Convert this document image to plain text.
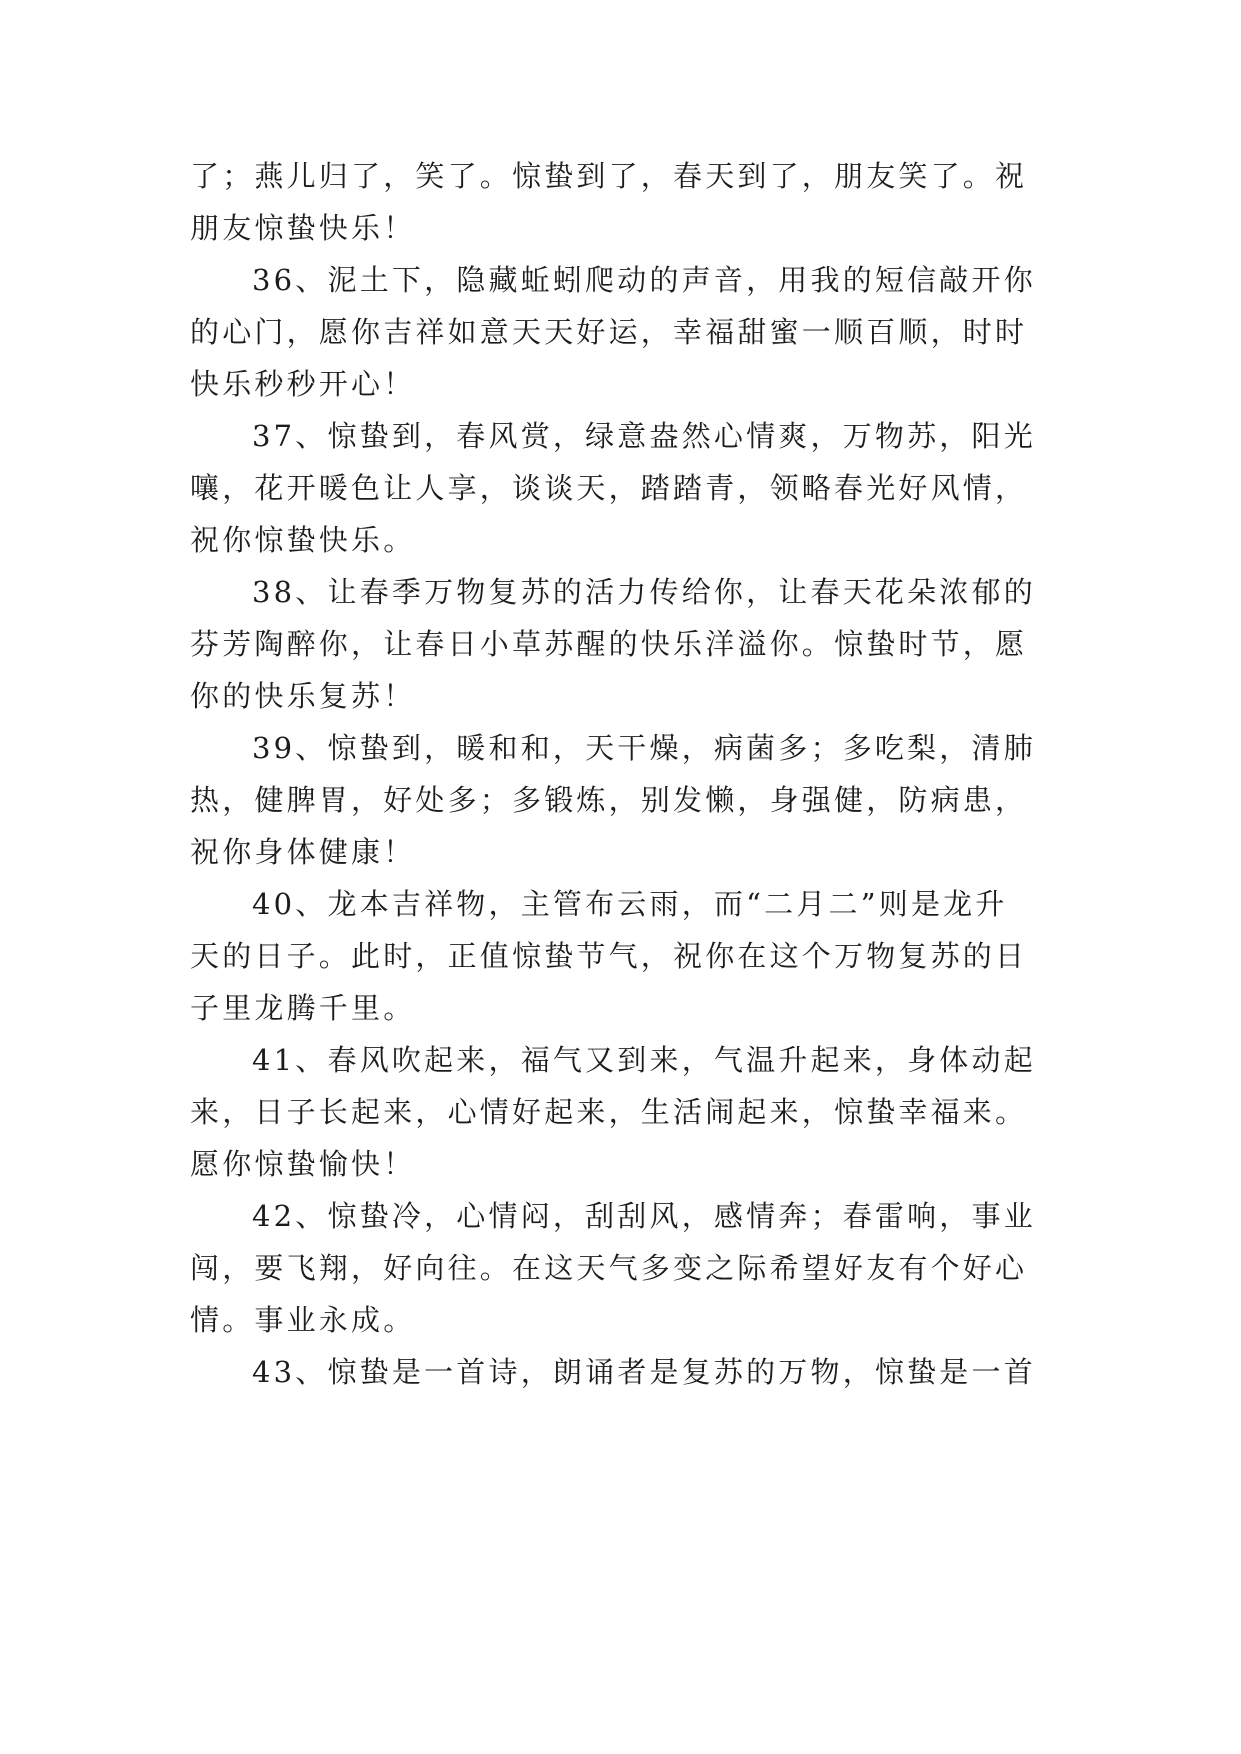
了；燕儿归了，笑了。惊蛰到了，春天到了，朋友笑了。祝
朋友惊蛰快乐！
36、泥土下，隐藏蚯蚓爬动的声音，用我的短信敲开你
的心门，愿你吉祥如意天天好运，幸福甜蜜一顺百顺，时时
快乐秒秒开心！
37、惊蛰到，春风赏，绿意盎然心情爽，万物苏，阳光
嚷，花开暖色让人享，谈谈天，踏踏青，领略春光好风情，
祝你惊蛰快乐。
38、让春季万物复苏的活力传给你，让春天花朵浓郁的
芬芳陶醉你，让春日小草苏醒的快乐洋溢你。惊蛰时节，愿
你的快乐复苏！
39、惊蛰到，暖和和，天干燥，病菌多；多吃梨，清肺
热，健脾胃，好处多；多锻炼，别发懒，身强健，防病患，
祝你身体健康！
40、龙本吉祥物，主管布云雨，而“二月二”则是龙升
天的日子。此时，正值惊蛰节气，祝你在这个万物复苏的日
子里龙腾千里。
41、春风吹起来，福气又到来，气温升起来，身体动起
来，日子长起来，心情好起来，生活闹起来，惊蛰幸福来。
愿你惊蛰愉快！
42、惊蛰冷，心情闷，刮刮风，感情奔；春雷响，事业
闯，要飞翔，好向往。在这天气多变之际希望好友有个好心
情。事业永成。
43、惊蛰是一首诗，朗诵者是复苏的万物，惊蛰是一首
